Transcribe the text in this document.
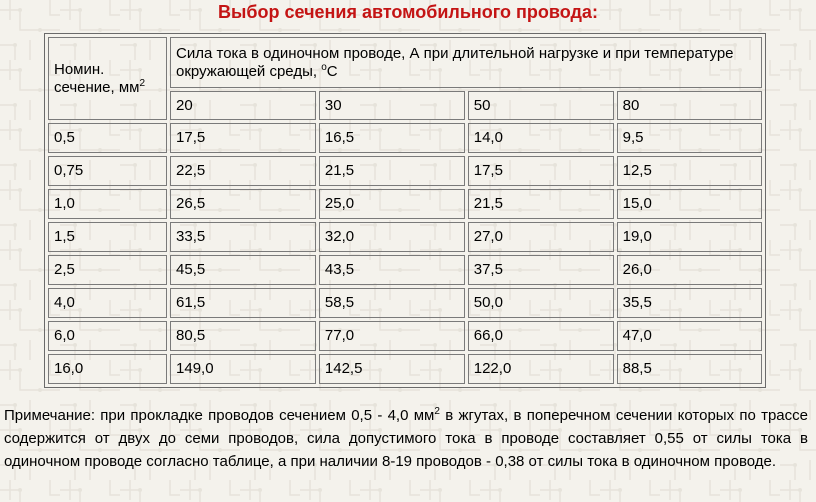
Выбор сечения автомобильного провода:
Номин. сечение, $мм^2$	Сила тока в одиночном проводе, А при длительной нагрузке и при температуре окружающей среды, $^о$С			
	20	30	50	80
0,5	17,5	16,5	14,0	9,5
0,75	22,5	21,5	17,5	12,5
1,0	26,5	25,0	21,5	15,0
1,5	33,5	32,0	27,0	19,0
2,5	45,5	43,5	37,5	26,0
4,0	61,5	58,5	50,0	35,5
6,0	80,5	77,0	66,0	47,0
16,0	149,0	142,5	122,0	88,5
Примечание: при прокладке проводов сечением 0,5 - 4,0 $мм^2$ в жгутах, в поперечном сечении которых по трассе содержится от двух до семи проводов, сила допустимого тока в проводе составляет 0,55 от силы тока в одиночном проводе согласно таблице, а при наличии 8-19 проводов - 0,38 от силы тока в одиночном проводе.
